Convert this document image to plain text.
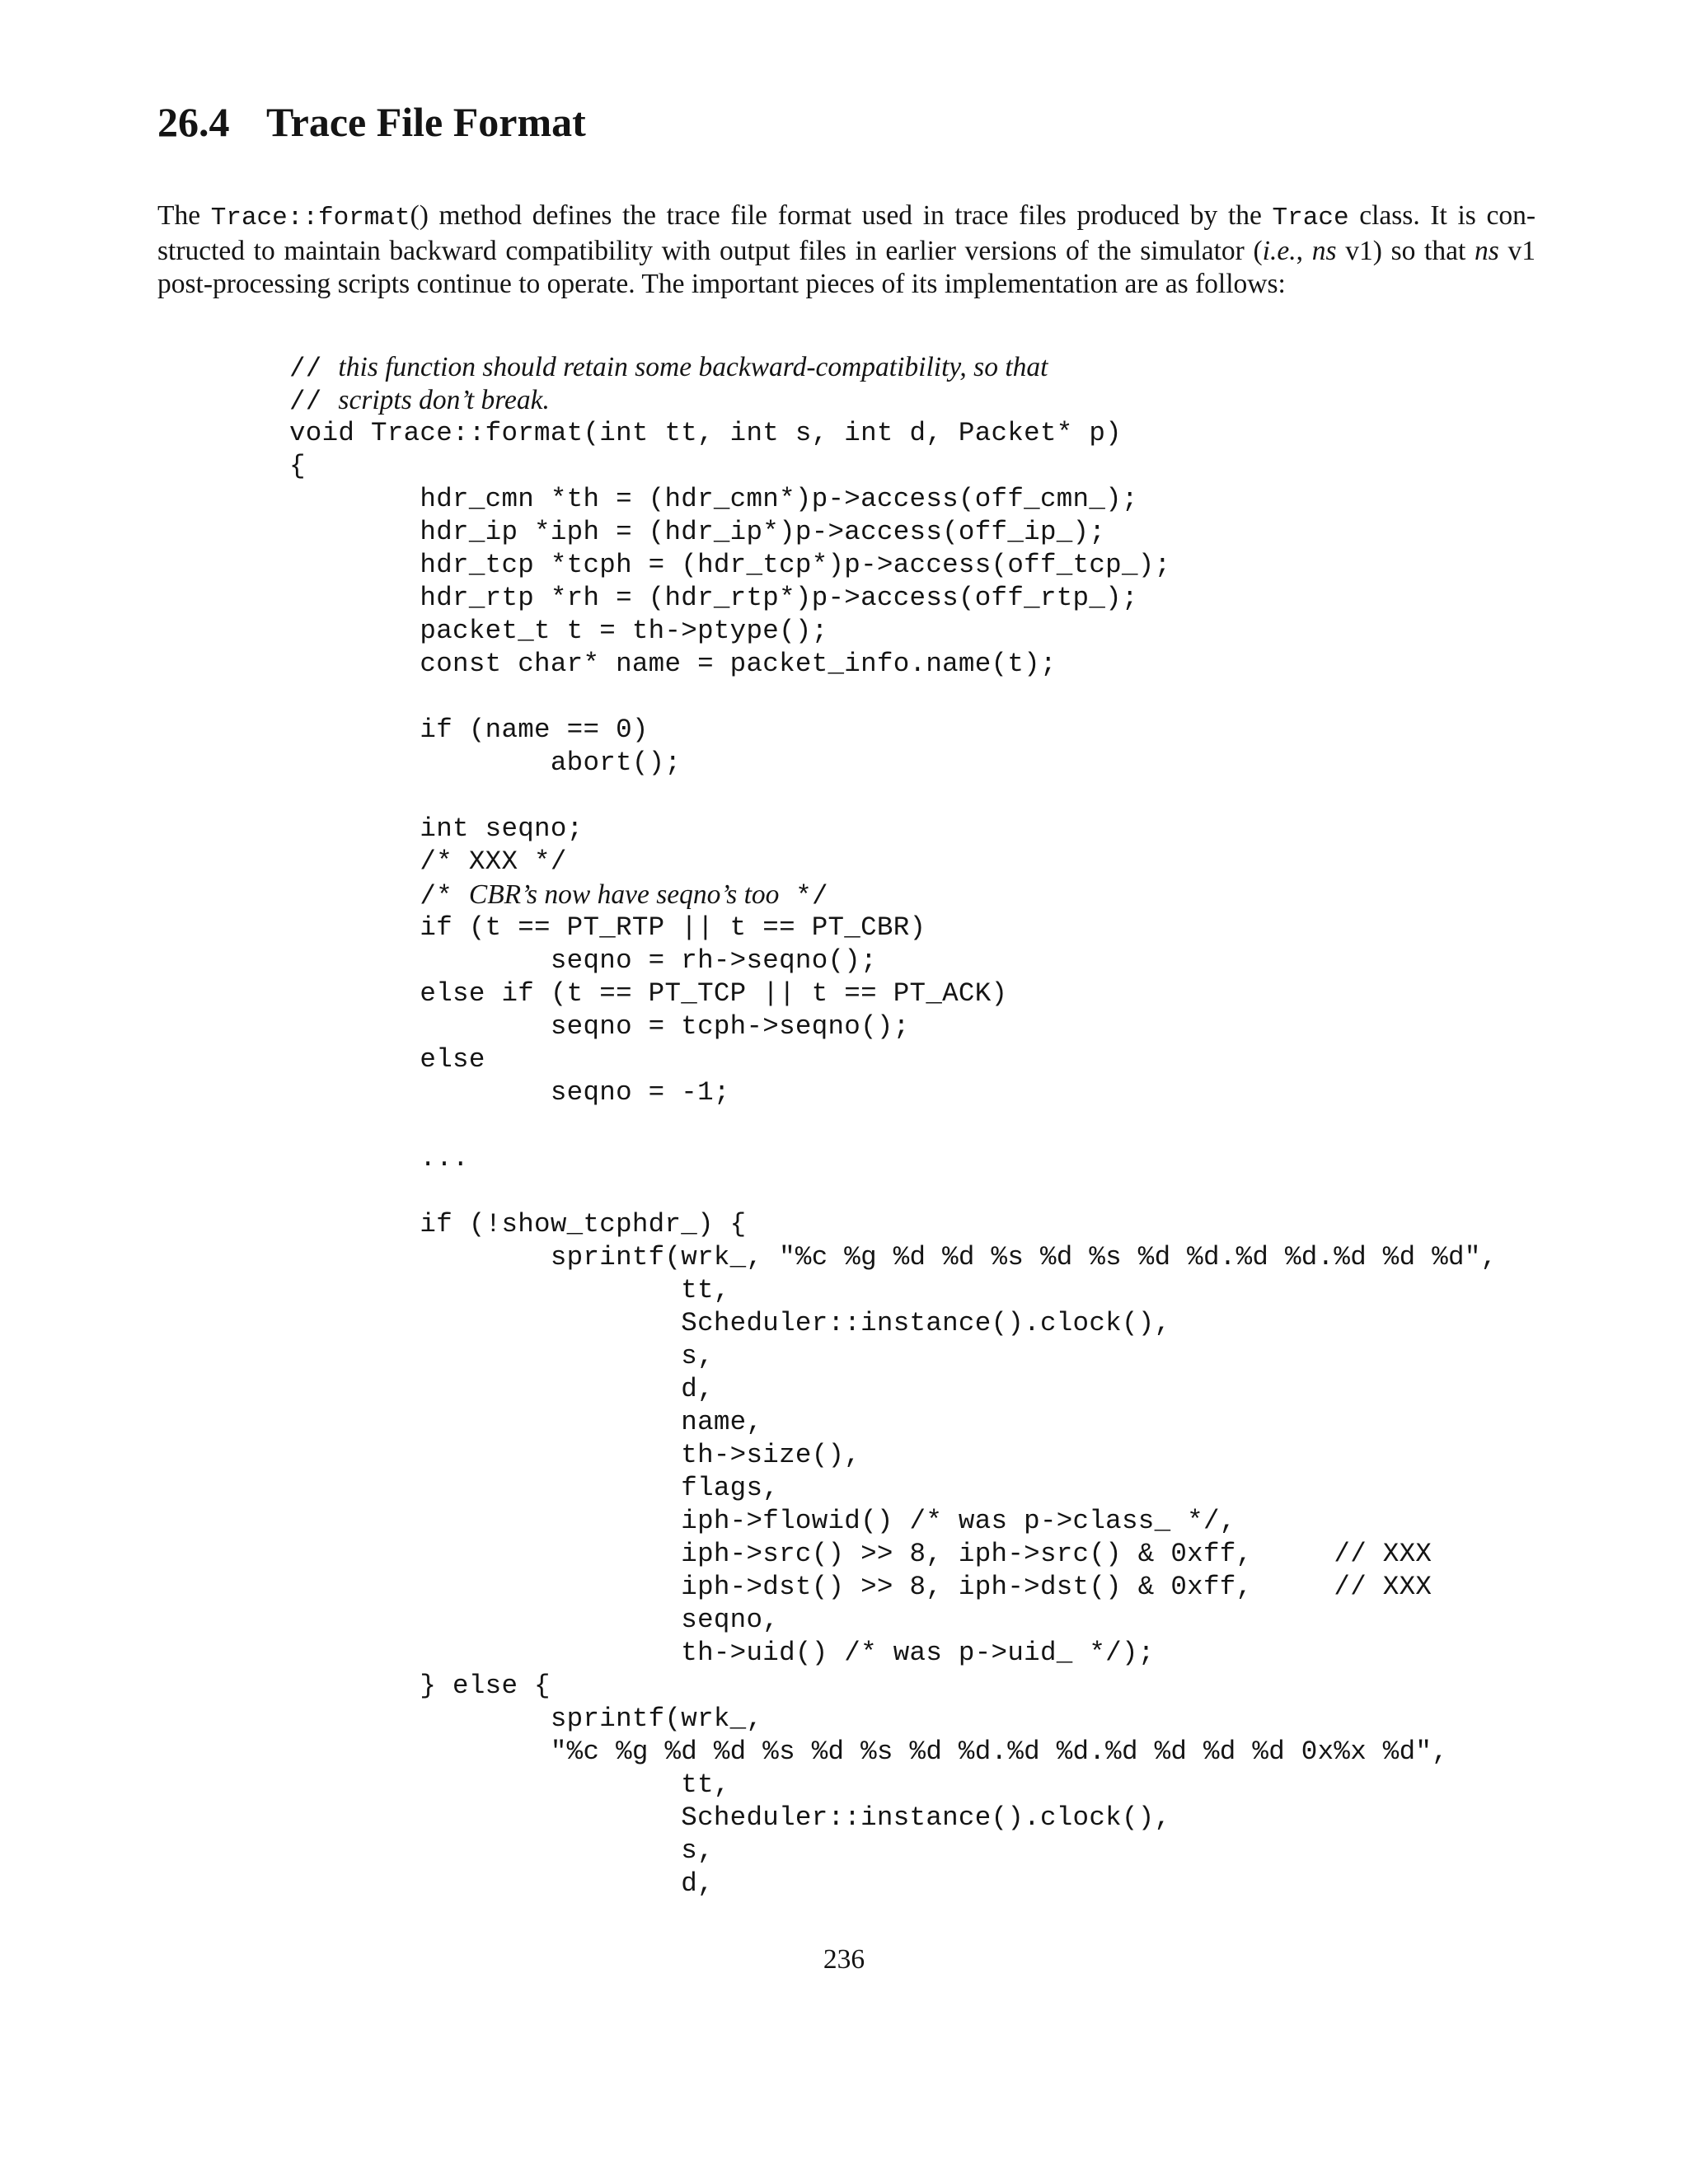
26.4 Trace File Format

The Trace::format() method defines the trace file format used in trace files produced by the Trace class. It is con-
structed to maintain backward compatibility with output files in earlier versions of the simulator (i.e., ns v1) so that ns v1
post-processing scripts continue to operate. The important pieces of its implementation are as follows:

// this function should retain some backward-compatibility, so that
// scripts don’t break.
void Trace::format(int tt, int s, int d, Packet* p)
{
hdr_cmn *th = (hdr_cmn*)p->access(off_cmn_);
hdr_ip *iph = (hdr_ip*)p->access(off_ip_);
hdr_tcp *tcph = (hdr_tcp*)p->access(off_tcp_);
hdr_rtp *rh = (hdr_rtp*)p->access(off_rtp_);
packet_t t = th->ptype();
const char* name = packet_info.name(t);
if (name == 0)
abort();
int seqno;
/* XXX */
/* CBR’s now have seqno’s too */
if (t == PT_RTP || t == PT_CBR)
seqno = rh->seqno();
else if (t == PT_TCP || t == PT_ACK)
seqno = tcph->seqno();
else
seqno = -1;
...
if (!show_tcphdr_) {
sprintf(wrk_, "%c %g %d %d %s %d %s %d %d.%d %d.%d %d %d",
tt,
Scheduler::instance().clock(),
s,
d,
name,
th->size(),
flags,
iph->flowid() /* was p->class_ */,
iph->src() >> 8, iph->src() & 0xff,     // XXX
iph->dst() >> 8, iph->dst() & 0xff,     // XXX
seqno,
th->uid() /* was p->uid_ */);
} else {
sprintf(wrk_,
"%c %g %d %d %s %d %s %d %d.%d %d.%d %d %d %d 0x%x %d",
tt,
Scheduler::instance().clock(),
s,
d,
236
